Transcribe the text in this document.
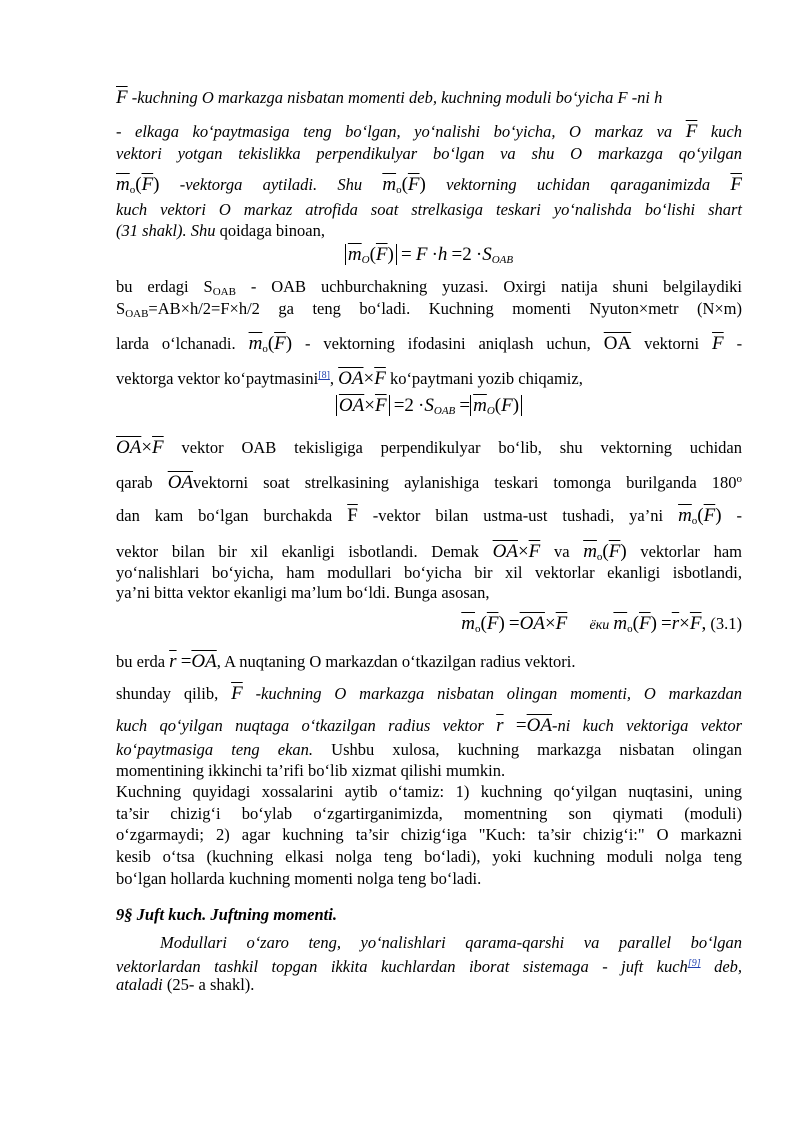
$\overline{F}$ -kuchning O markazga nisbatan momenti deb, kuchning moduli bo‘yicha F -ni h
- elkaga ko‘paytmasiga teng bo‘lgan, yo‘nalishi bo‘yicha, O markaz va $\overline{F}$ kuch
vektori yotgan tekislikka perpendikulyar bo‘lgan va shu O markazga qo‘yilgan
$\overline{m}_o(\overline{F})$ -vektorga aytiladi. Shu $\overline{m}_o(\overline{F})$ vektorning uchidan qaraganimizda $\overline{F}$
kuch vektori O markaz atrofida soat strelkasiga teskari yo‘nalishda bo‘lishi shart
(31 shakl). Shu qoidaga binoan,
$\overline{m}O(\overline{F}) = F \cdot h =2$ ·SOAB
bu erdagi $S_{OAB}$ - OAB uchburchakning yuzasi. Oxirgi natija shuni belgilaydiki
$S_{OAB}=AB\times h/2=F\times h/2$ ga teng bo‘ladi. Kuchning momenti Nyuton×metr (N×m)
larda o‘lchanadi. $\overline{m}_o(\overline{F})$ - vektorning ifodasini aniqlash uchun, $\overline{OA}$ vektorni $\overline{F}$ -
vektorga vektor ko‘paytmasini[8], $\overline{OA}\times\overline{F}$ ko‘paytmani yozib chiqamiz,
$\overline{OA}\times\overline{F} =2$ ·SOAB = $\overline{m}O(F)$
$\overline{OA}\times\overline{F}$ vektor OAB tekisligiga perpendikulyar bo‘lib, shu vektorning uchidan
qarab $\overline{OA}vektorni$ soat strelkasining aylanishiga teskari tomonga burilganda 180$^o$
dan kam bo‘lgan burchakda $\overline{F}$ -vektor bilan ustma-ust tushadi, ya’ni $\overline{m}_o(\overline{F})$ -
vektor bilan bir xil ekanligi isbotlandi. Demak $\overline{OA}\times\overline{F}$ va $\overline{m}_o(\overline{F})$ vektorlar ham
yo‘nalishlari bo‘yicha, ham modullari bo‘yicha bir xil vektorlar ekanligi isbotlandi,
ya’ni bitta vektor ekanligi ma’lum bo‘ldi. Bunga asosan,
$\overline{m}_o(\overline{F}) =\overline{OA}\times\overline{F}$ ёки $\overline{m}_o(\overline{F}) =\overline{r}\times\overline{F}$, (3.1)
bu erda $\overline{r} =\overline{OA}$, A nuqtaning O markazdan o‘tkazilgan radius vektori.
shunday qilib, $\overline{F}$ -kuchning O markazga nisbatan olingan momenti, O markazdan
kuch qo‘yilgan nuqtaga o‘tkazilgan radius vektor $\overline{r} =\overline{OA}-ni$ kuch vektoriga vektor
ko‘paytmasiga teng ekan. Ushbu xulosa, kuchning markazga nisbatan olingan
momentining ikkinchi ta’rifi bo‘lib xizmat qilishi mumkin.
Kuchning quyidagi xossalarini aytib o‘tamiz: 1) kuchning qo‘yilgan nuqtasini, uning
ta’sir chizig‘i bo‘ylab o‘zgartirganimizda, momentning son qiymati (moduli)
o‘zgarmaydi; 2) agar kuchning ta’sir chizig‘iga "Kuch: ta’sir chizig‘i:" O markazni
kesib o‘tsa (kuchning elkasi nolga teng bo‘ladi), yoki kuchning moduli nolga teng
bo‘lgan hollarda kuchning momenti nolga teng bo‘ladi.
9§ Juft kuch. Juftning momenti.
Modullari o‘zaro teng, yo‘nalishlari qarama-qarshi va parallel bo‘lgan
vektorlardan tashkil topgan ikkita kuchlardan iborat sistemaga - juft kuch[9] deb,
ataladi (25- a shakl).
